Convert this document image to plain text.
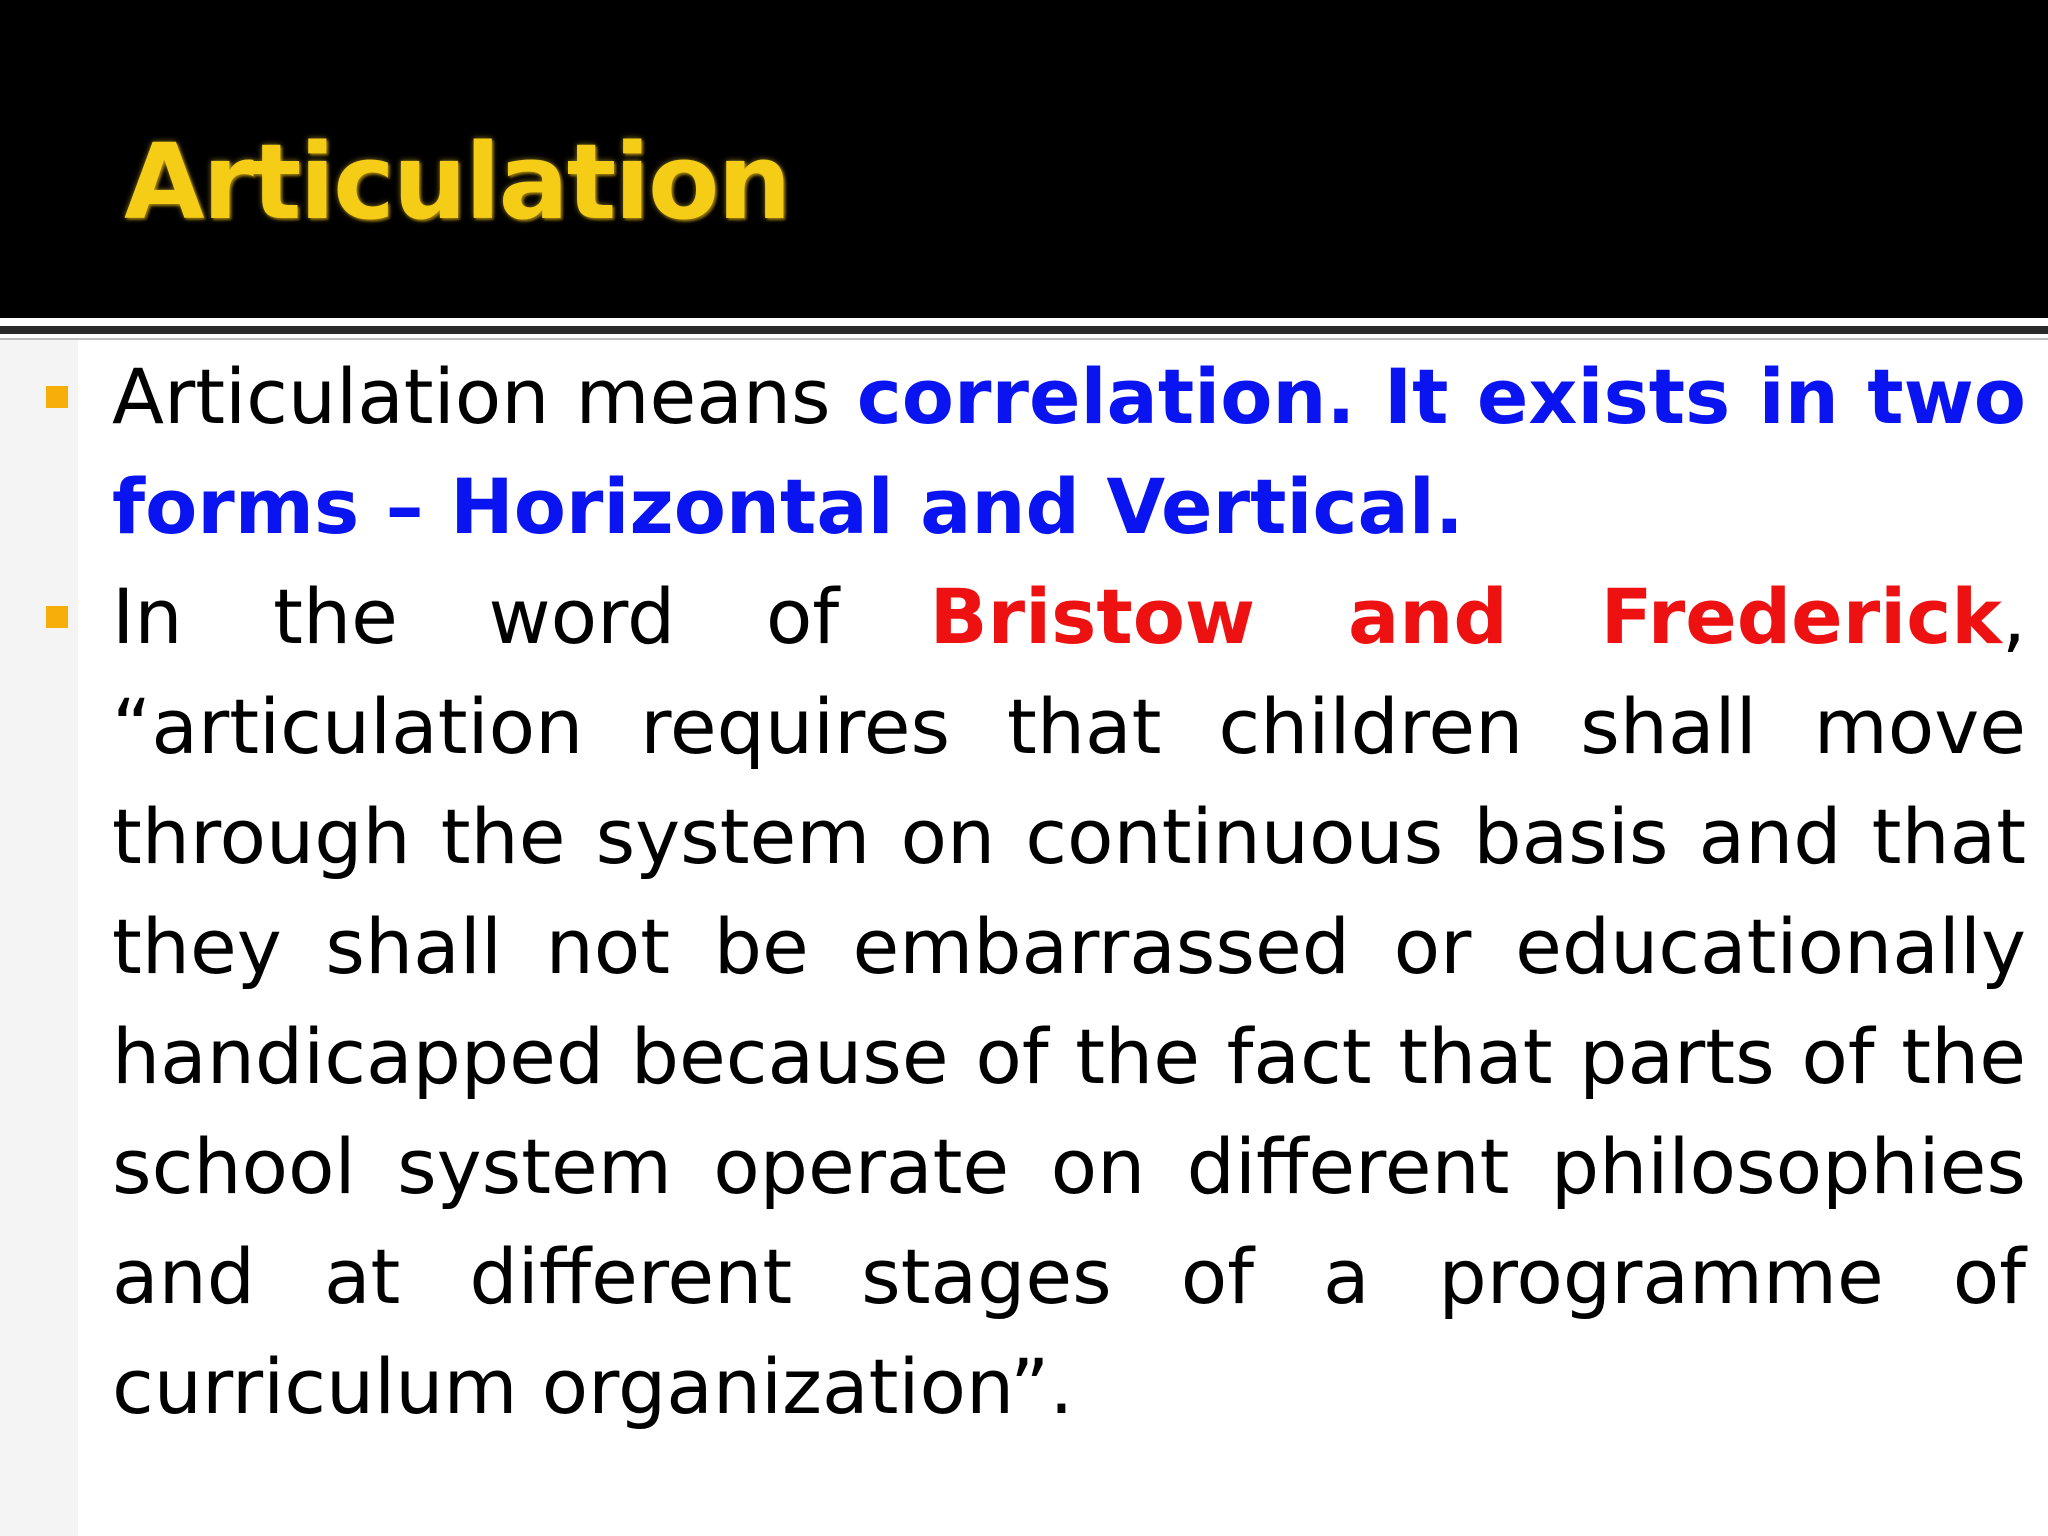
Articulation

Articulation means correlation. It exists in two forms – Horizontal and Vertical.

In the word of Bristow and Frederick, “articulation requires that children shall move through the system on continuous basis and that they shall not be embarrassed or educationally handicapped because of the fact that parts of the school system operate on different philosophies and at different stages of a programme of curriculum organization”.
